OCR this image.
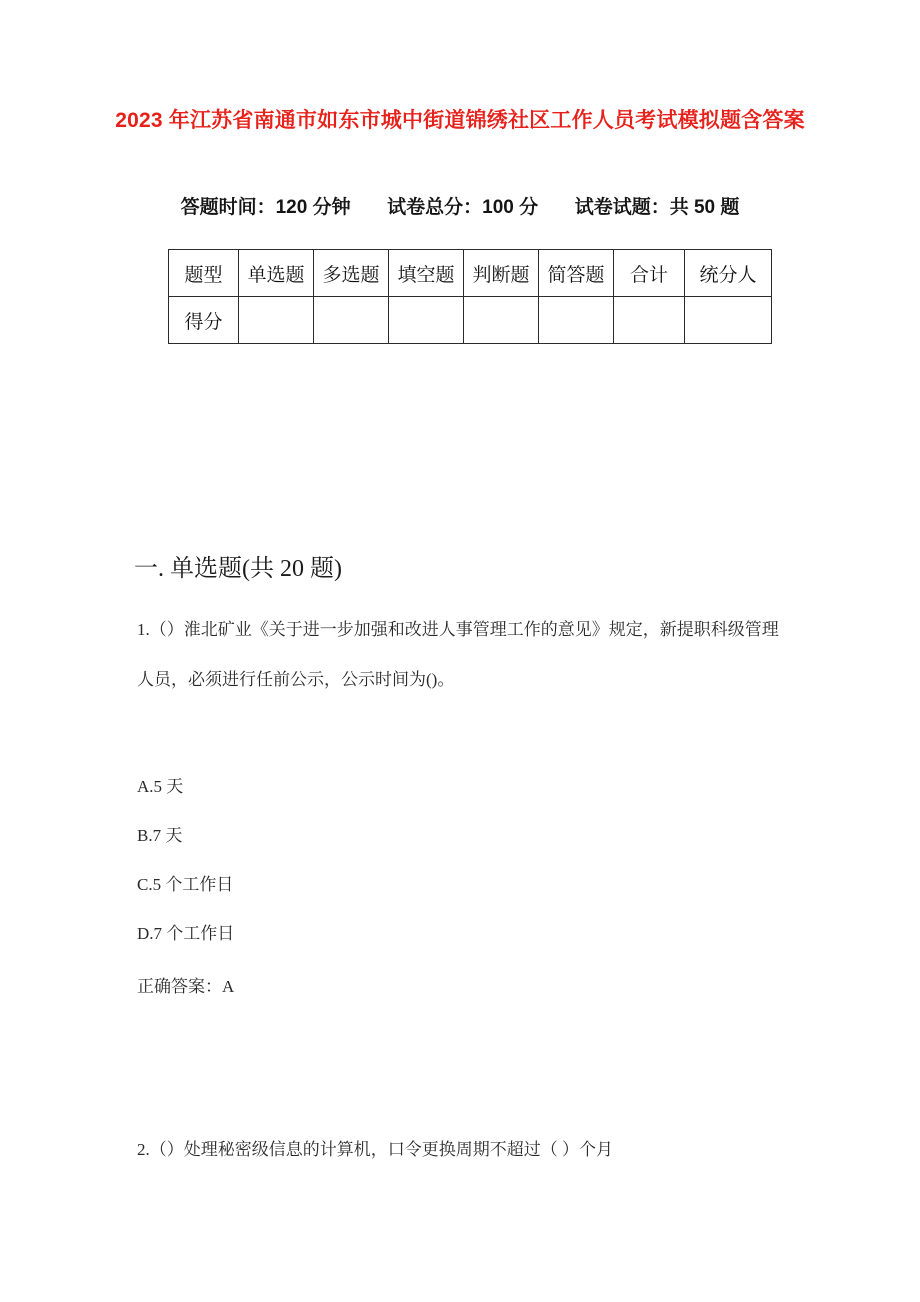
2023 年江苏省南通市如东市城中街道锦绣社区工作人员考试模拟题含答案
答题时间：120 分钟 试卷总分：100 分 试卷试题：共 50 题
题型	单选题	多选题	填空题	判断题	简答题	合计	统分人
得分							
一. 单选题(共 20 题)
1.（）淮北矿业《关于进一步加强和改进人事管理工作的意见》规定，新提职科级管理
人员，必须进行任前公示，公示时间为()。
A.5 天
B.7 天
C.5 个工作日
D.7 个工作日
正确答案：A
2.（）处理秘密级信息的计算机，口令更换周期不超过（ ）个月
